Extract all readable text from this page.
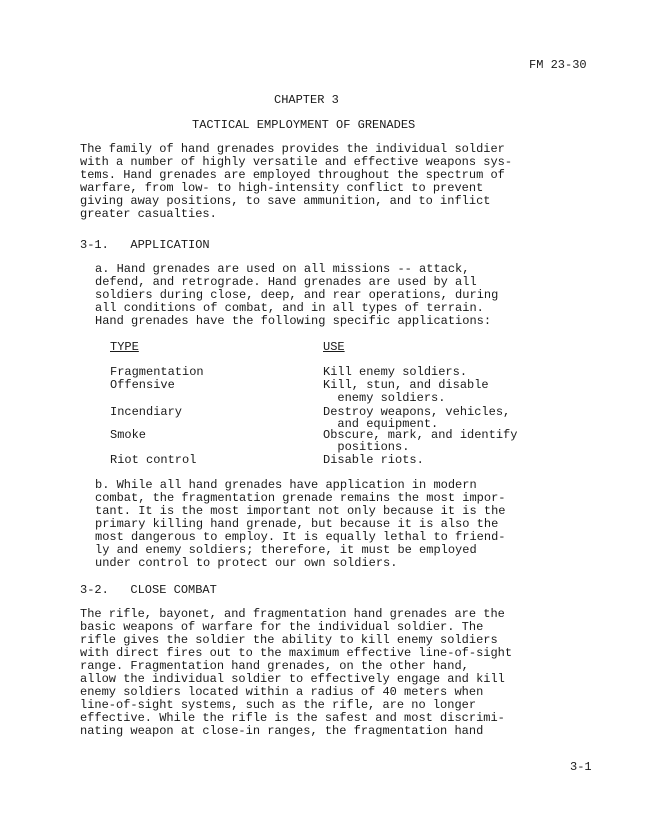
FM 23-30
CHAPTER 3
TACTICAL EMPLOYMENT OF GRENADES
The family of hand grenades provides the individual soldier
with a number of highly versatile and effective weapons sys-
tems. Hand grenades are employed throughout the spectrum of
warfare, from low- to high-intensity conflict to prevent
giving away positions, to save ammunition, and to inflict
greater casualties.
3-1.   APPLICATION
a. Hand grenades are used on all missions -- attack,
defend, and retrograde. Hand grenades are used by all
soldiers during close, deep, and rear operations, during
all conditions of combat, and in all types of terrain.
Hand grenades have the following specific applications:
TYPE	USE
Fragmentation	Kill enemy soldiers.
Offensive	Kill, stun, and disable
enemy soldiers.
Incendiary	Destroy weapons, vehicles,
and equipment.
Smoke	Obscure, mark, and identify
positions.
Riot control	Disable riots.
b. While all hand grenades have application in modern
combat, the fragmentation grenade remains the most impor-
tant. It is the most important not only because it is the
primary killing hand grenade, but because it is also the
most dangerous to employ. It is equally lethal to friend-
ly and enemy soldiers; therefore, it must be employed
under control to protect our own soldiers.
3-2.   CLOSE COMBAT
The rifle, bayonet, and fragmentation hand grenades are the
basic weapons of warfare for the individual soldier. The
rifle gives the soldier the ability to kill enemy soldiers
with direct fires out to the maximum effective line-of-sight
range. Fragmentation hand grenades, on the other hand,
allow the individual soldier to effectively engage and kill
enemy soldiers located within a radius of 40 meters when
line-of-sight systems, such as the rifle, are no longer
effective. While the rifle is the safest and most discrimi-
nating weapon at close-in ranges, the fragmentation hand
3-1
